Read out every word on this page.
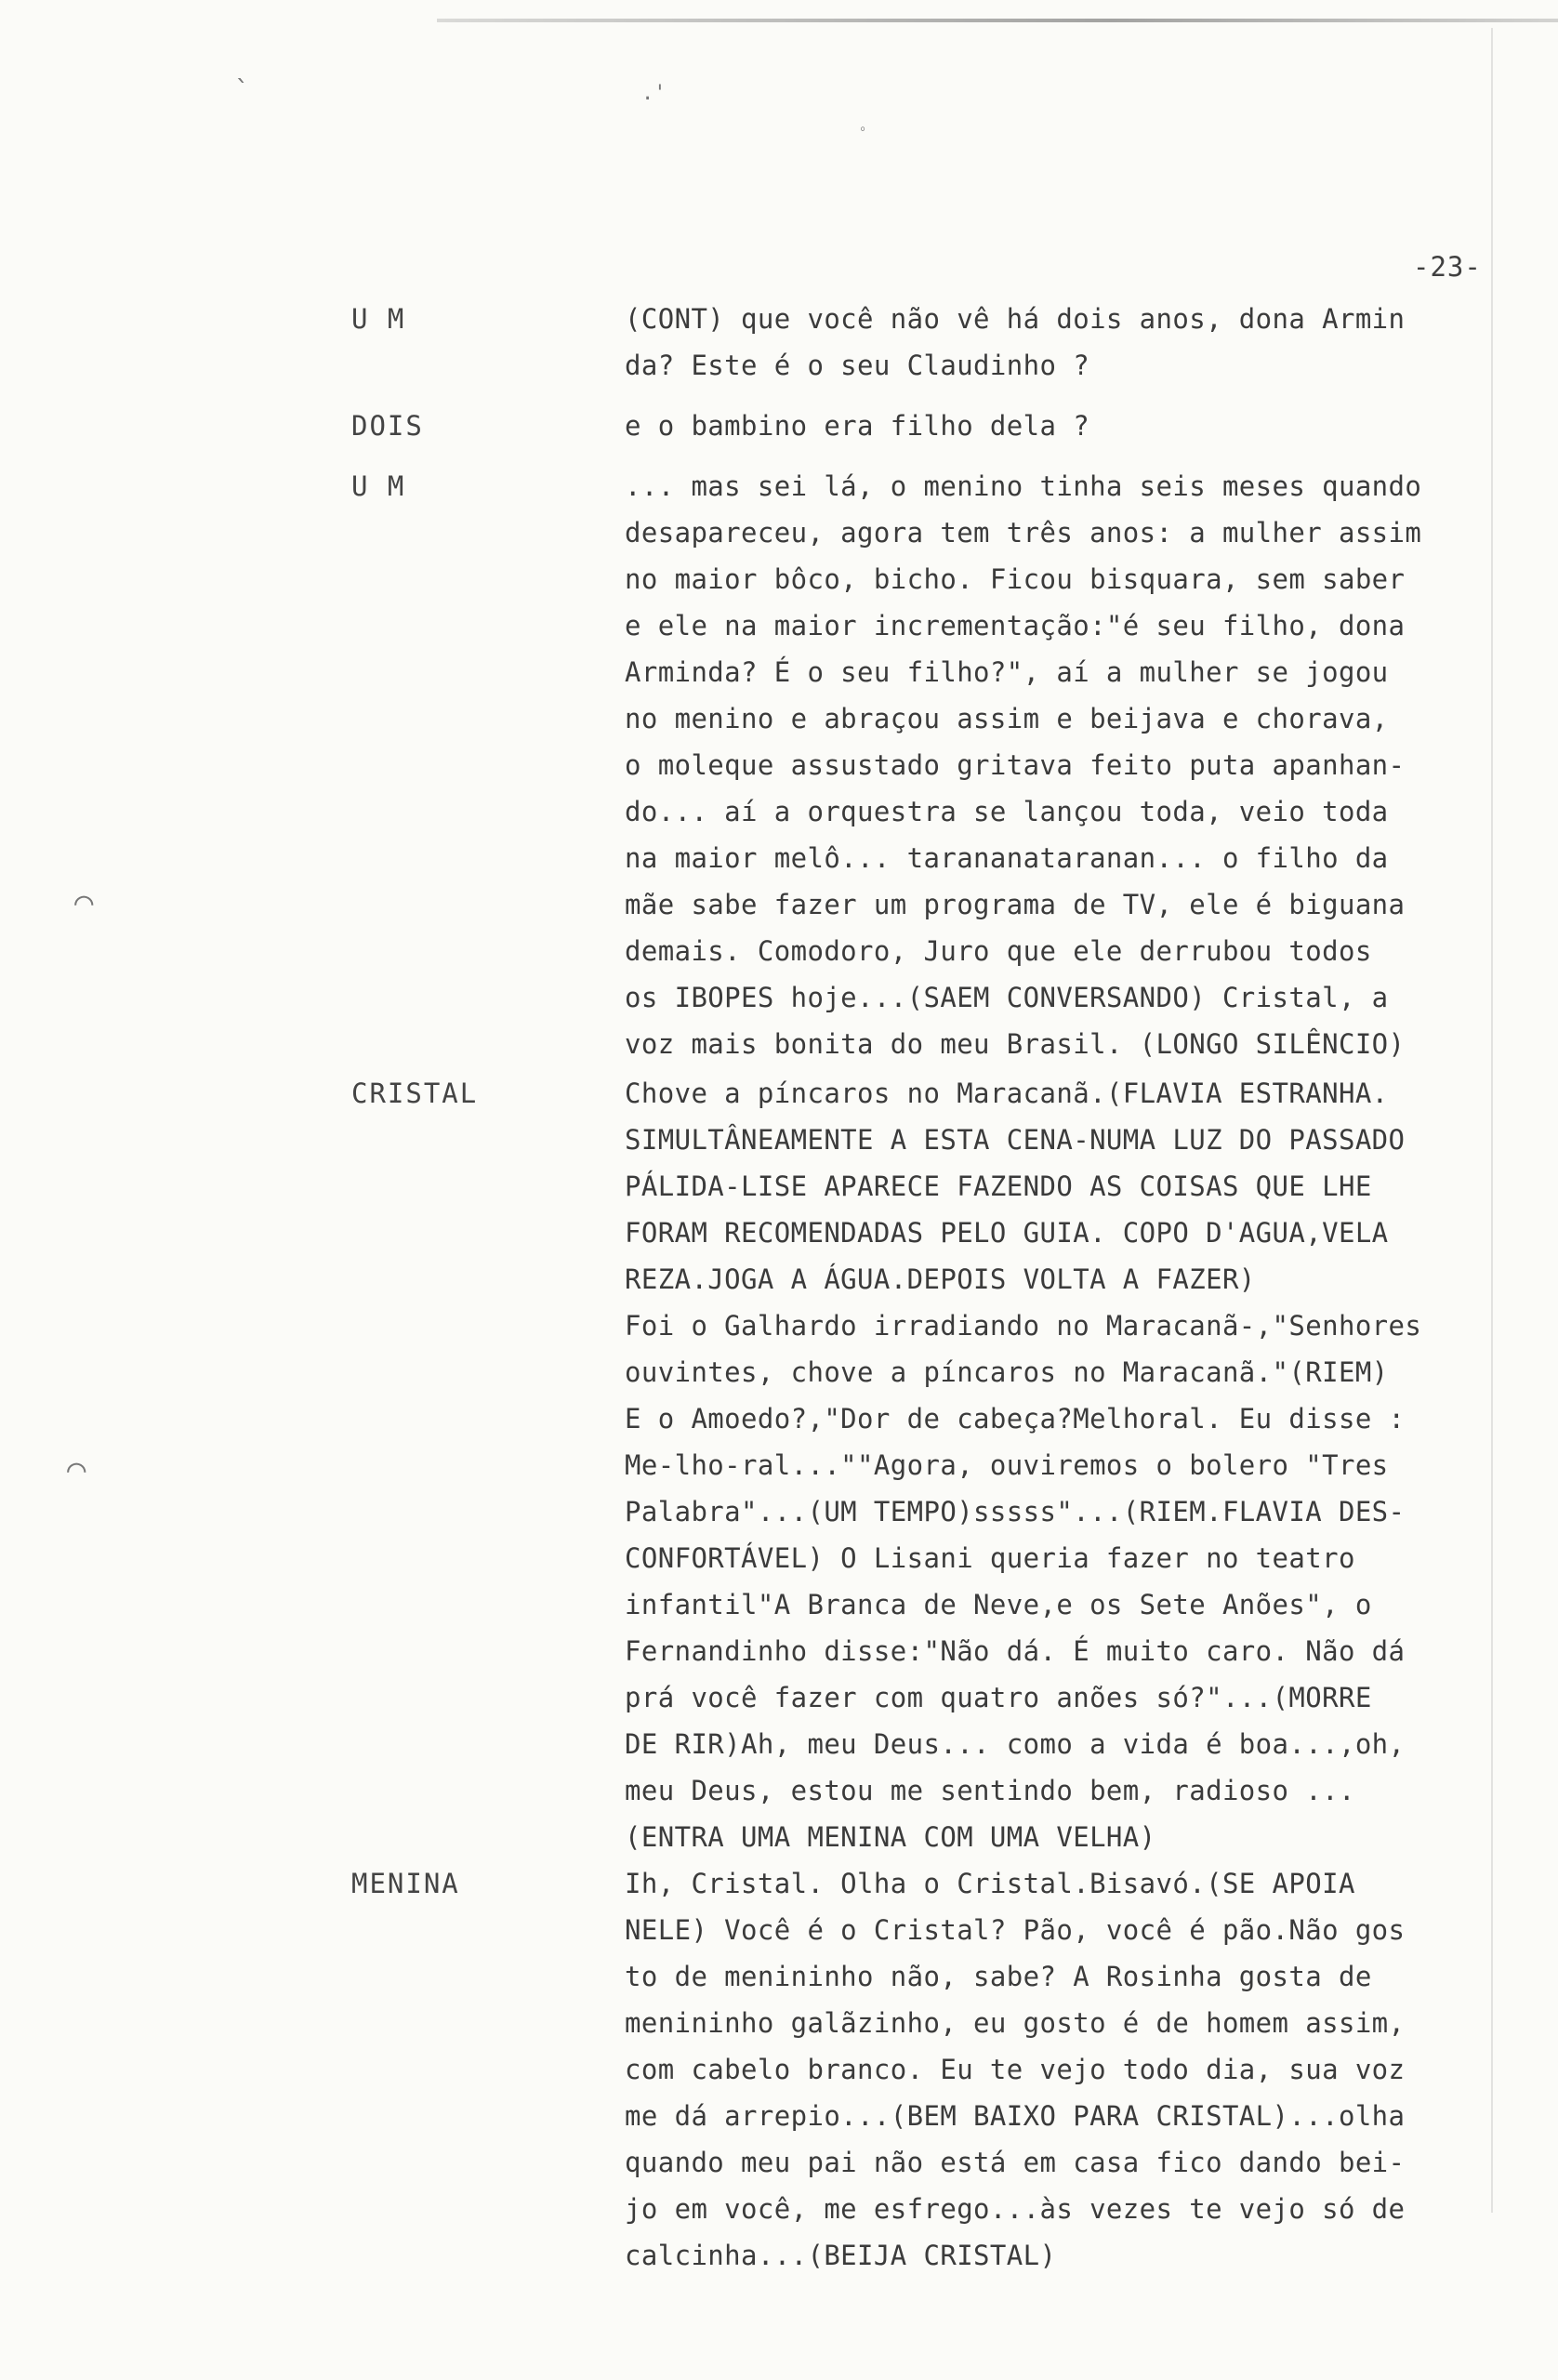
`	.'
ﾟ
⌒
⌒
-23-
U M	(CONT) que você não vê há dois anos, dona Armin
da? Este é o seu Claudinho ?
DOIS	e o bambino era filho dela ?
U M	... mas sei lá, o menino tinha seis meses quando
desapareceu, agora tem três anos: a mulher assim
no maior bôco, bicho. Ficou bisquara, sem saber
e ele na maior incrementação:"é seu filho, dona
Arminda? É o seu filho?", aí a mulher se jogou
no menino e abraçou assim e beijava e chorava,
o moleque assustado gritava feito puta apanhan-
do... aí a orquestra se lançou toda, veio toda
na maior melô... tarananataranan... o filho da
mãe sabe fazer um programa de TV, ele é biguana
demais. Comodoro, Juro que ele derrubou todos
os IBOPES hoje...(SAEM CONVERSANDO) Cristal, a
voz mais bonita do meu Brasil. (LONGO SILÊNCIO)
CRISTAL	Chove a píncaros no Maracanã.(FLAVIA ESTRANHA.
SIMULTÂNEAMENTE A ESTA CENA-NUMA LUZ DO PASSADO
PÁLIDA-LISE APARECE FAZENDO AS COISAS QUE LHE
FORAM RECOMENDADAS PELO GUIA. COPO D'AGUA,VELA
REZA.JOGA A ÁGUA.DEPOIS VOLTA A FAZER)
Foi o Galhardo irradiando no Maracanã-,"Senhores
ouvintes, chove a píncaros no Maracanã."(RIEM)
E o Amoedo?,"Dor de cabeça?Melhoral. Eu disse :
Me-lho-ral...""Agora, ouviremos o bolero "Tres
Palabra"...(UM TEMPO)sssss"...(RIEM.FLAVIA DES-
CONFORTÁVEL) O Lisani queria fazer no teatro
infantil"A Branca de Neve,e os Sete Anões", o
Fernandinho disse:"Não dá. É muito caro. Não dá
prá você fazer com quatro anões só?"...(MORRE
DE RIR)Ah, meu Deus... como a vida é boa...,oh,
meu Deus, estou me sentindo bem, radioso ...
(ENTRA UMA MENINA COM UMA VELHA)
MENINA	Ih, Cristal. Olha o Cristal.Bisavó.(SE APOIA
NELE) Você é o Cristal? Pão, você é pão.Não gos
to de menininho não, sabe? A Rosinha gosta de
menininho galãzinho, eu gosto é de homem assim,
com cabelo branco. Eu te vejo todo dia, sua voz
me dá arrepio...(BEM BAIXO PARA CRISTAL)...olha
quando meu pai não está em casa fico dando bei-
jo em você, me esfrego...às vezes te vejo só de
calcinha...(BEIJA CRISTAL)
